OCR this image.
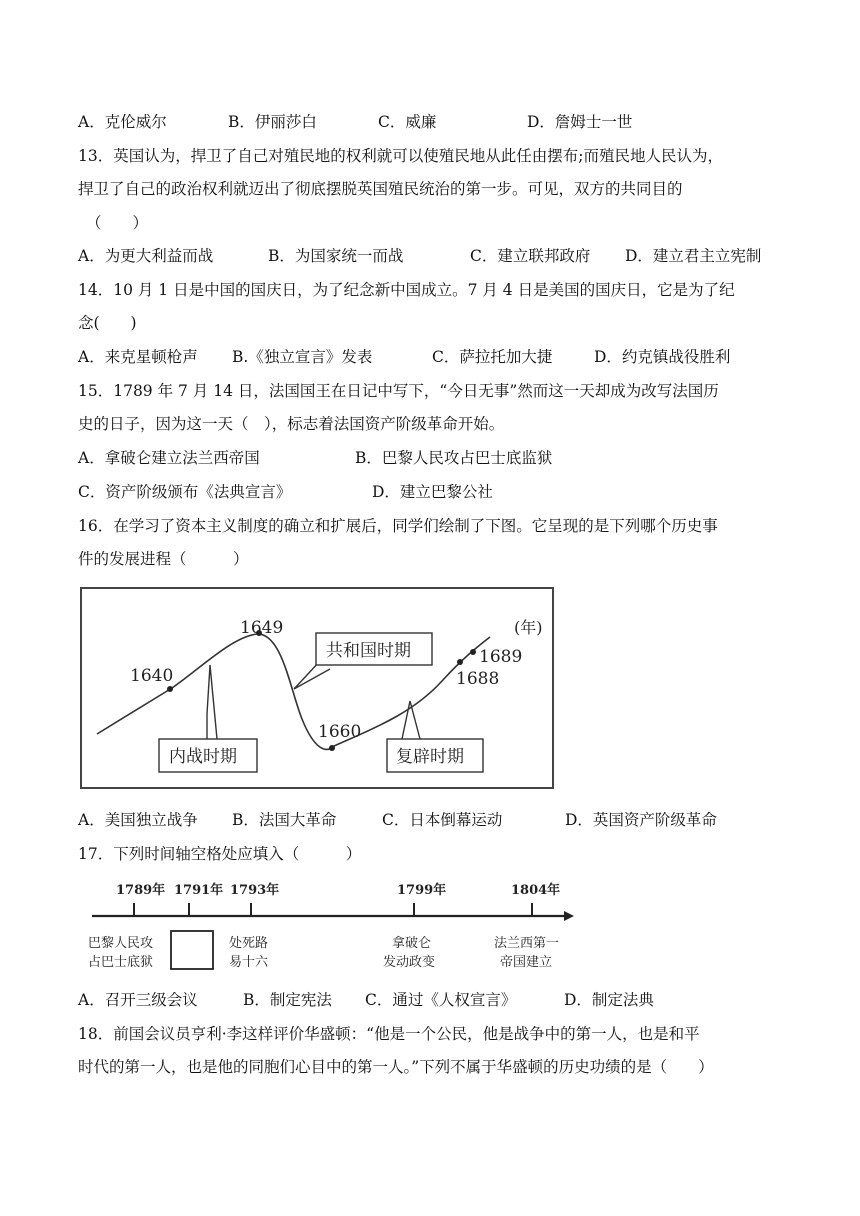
A．克伦威尔	B．伊丽莎白	C．威廉	D．詹姆士一世
13．英国认为，捍卫了自己对殖民地的权利就可以使殖民地从此任由摆布;而殖民地人民认为，
捍卫了自己的政治权利就迈出了彻底摆脱英国殖民统治的第一步。可见，双方的共同目的
（　　）
A．为更大利益而战	B．为国家统一而战	C．建立联邦政府 D．建立君主立宪制
14．10 月 1 日是中国的国庆日，为了纪念新中国成立。7 月 4 日是美国的国庆日，它是为了纪
念(　　)
A．来克星顿枪声 B.《独立宣言》发表	C．萨拉托加大捷	D．约克镇战役胜利
15．1789 年 7 月 14 日，法国国王在日记中写下，“今日无事”然而这一天却成为改写法国历
史的日子，因为这一天（　），标志着法国资产阶级革命开始。
A．拿破仑建立法兰西帝国	B．巴黎人民攻占巴士底监狱
C．资产阶级颁布《法典宣言》	D．建立巴黎公社
16．在学习了资本主义制度的确立和扩展后，同学们绘制了下图。它呈现的是下列哪个历史事
件的发展进程（　　　）
1640
1649
1660
1688
1689
(年)
内战时期
共和国时期
复辟时期
A．美国独立战争 B．法国大革命	C．日本倒幕运动	D．英国资产阶级革命
17．下列时间轴空格处应填入（　　　）
1789年 1791年 1793年	1799年	1804年
巴黎人民攻
占巴士底狱
处死路
易十六
拿破仑
发动政变
法兰西第一
帝国建立
A．召开三级会议	B．制定宪法 C．通过《人权宣言》	D．制定法典
18．前国会议员亨利·李这样评价华盛顿：“他是一个公民，他是战争中的第一人，也是和平
时代的第一人，也是他的同胞们心目中的第一人。”下列不属于华盛顿的历史功绩的是（　　）
